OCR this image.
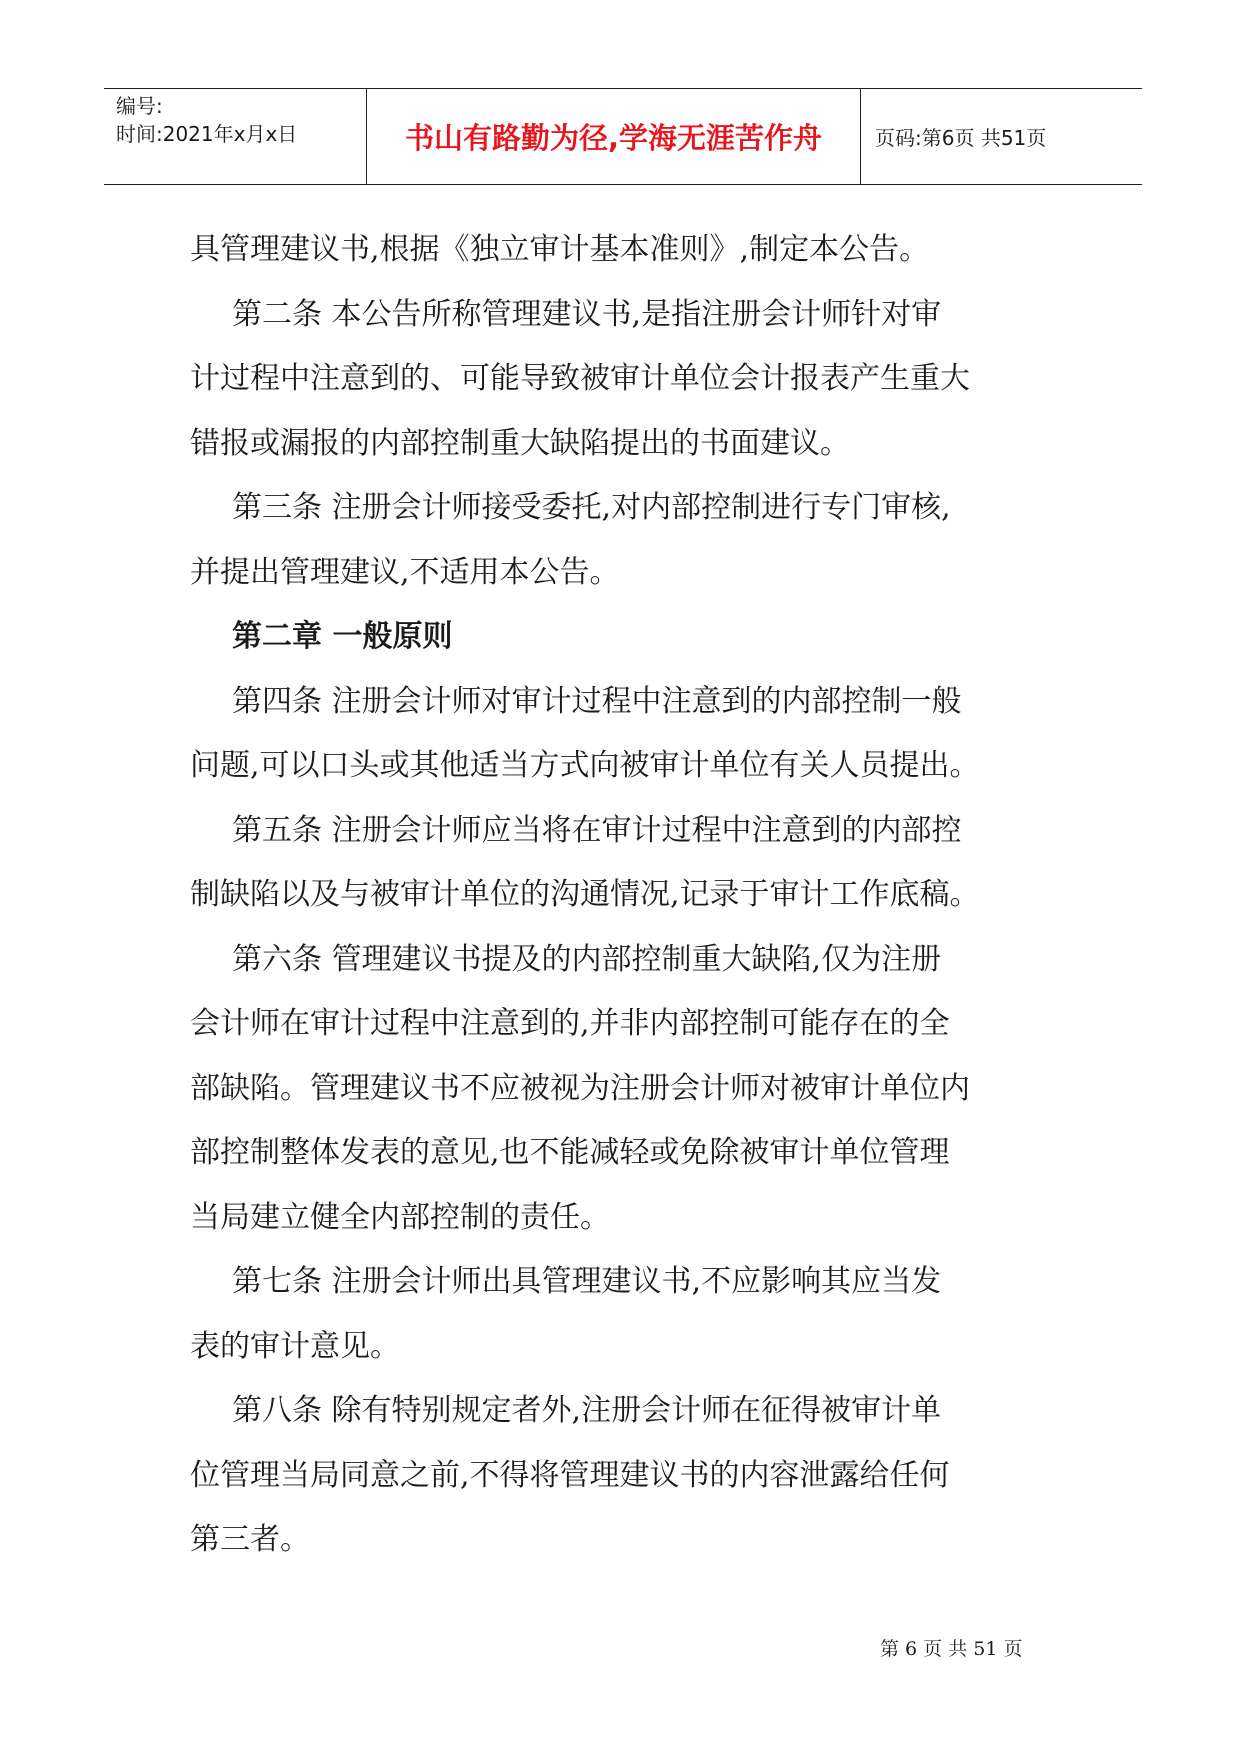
编号:
时间:2021年x月x日	书山有路勤为径,学海无涯苦作舟	页码:第6页 共51页
具管理建议书,根据《独立审计基本准则》,制定本公告。
第二条 本公告所称管理建议书,是指注册会计师针对审
计过程中注意到的、可能导致被审计单位会计报表产生重大
错报或漏报的内部控制重大缺陷提出的书面建议。
第三条 注册会计师接受委托,对内部控制进行专门审核,
并提出管理建议,不适用本公告。
第二章 一般原则
第四条 注册会计师对审计过程中注意到的内部控制一般
问题,可以口头或其他适当方式向被审计单位有关人员提出。
第五条 注册会计师应当将在审计过程中注意到的内部控
制缺陷以及与被审计单位的沟通情况,记录于审计工作底稿。
第六条 管理建议书提及的内部控制重大缺陷,仅为注册
会计师在审计过程中注意到的,并非内部控制可能存在的全
部缺陷。管理建议书不应被视为注册会计师对被审计单位内
部控制整体发表的意见,也不能减轻或免除被审计单位管理
当局建立健全内部控制的责任。
第七条 注册会计师出具管理建议书,不应影响其应当发
表的审计意见。
第八条 除有特别规定者外,注册会计师在征得被审计单
位管理当局同意之前,不得将管理建议书的内容泄露给任何
第三者。
第 6 页 共 51 页
